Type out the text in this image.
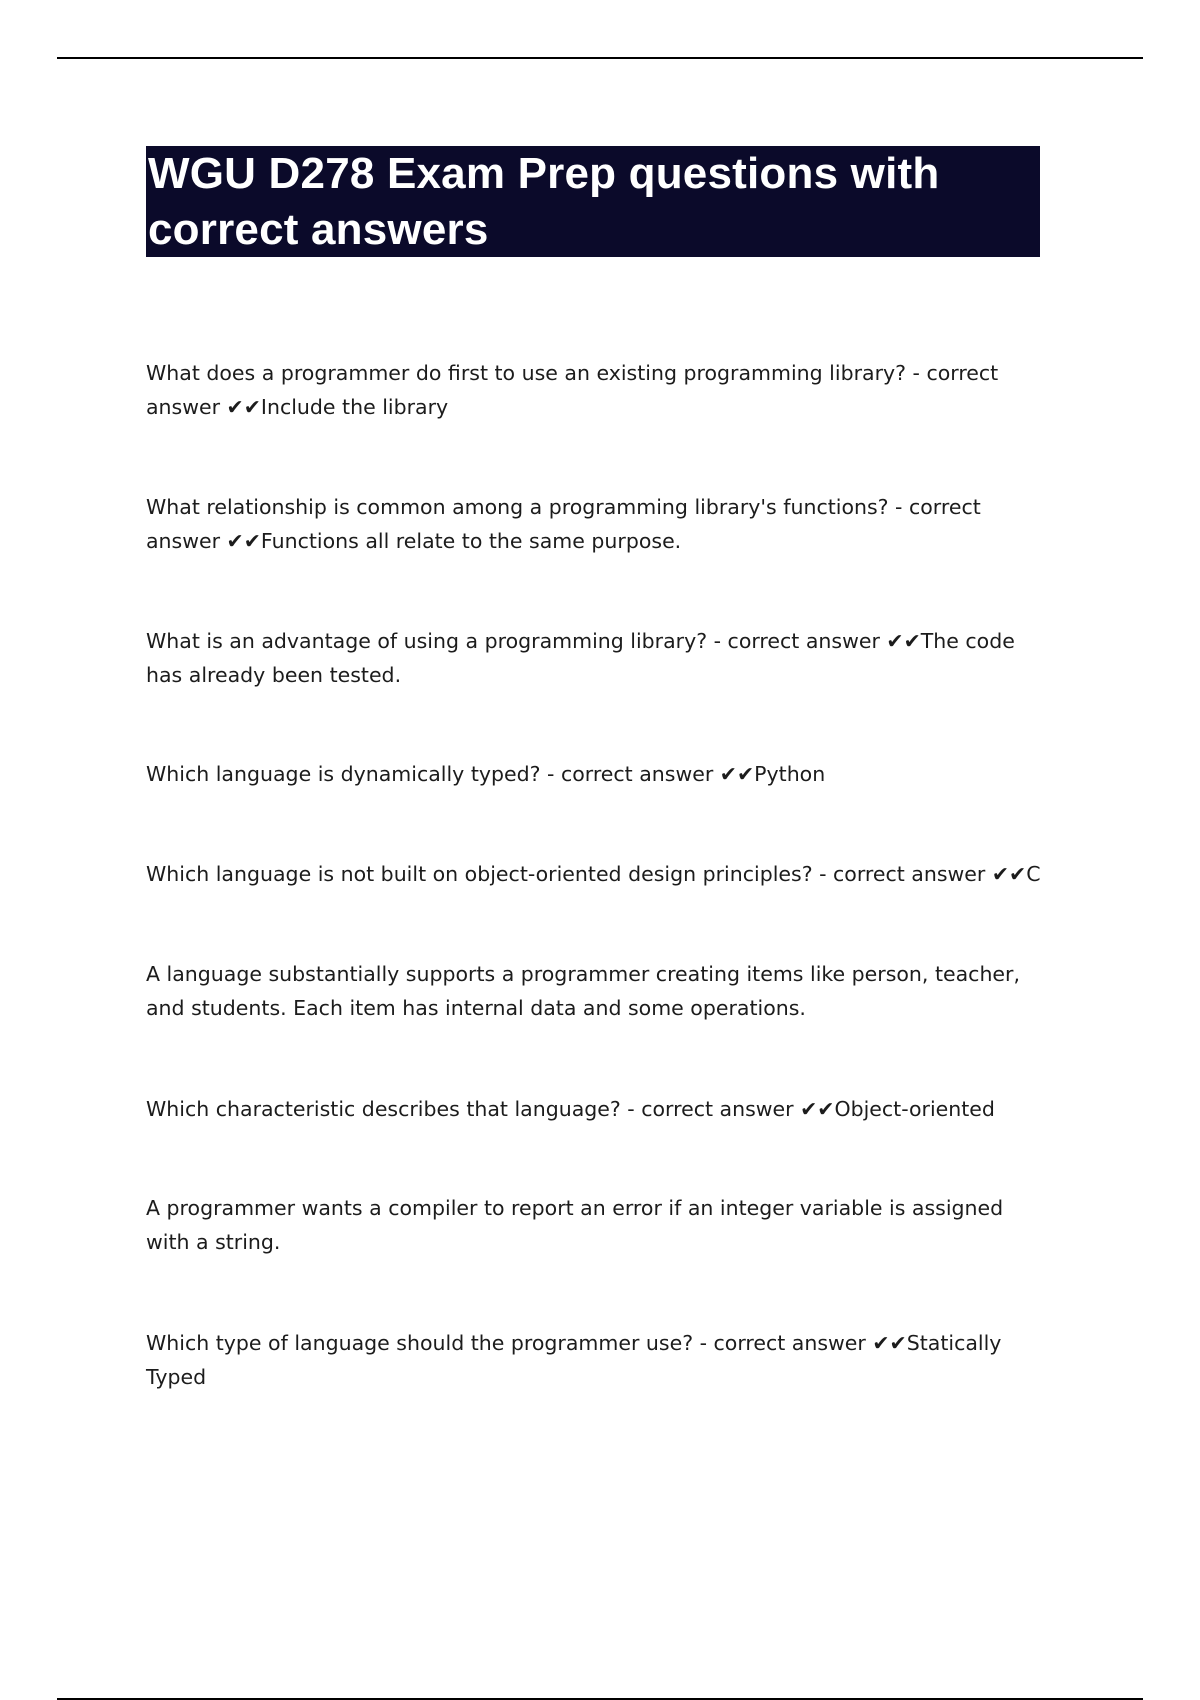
WGU D278 Exam Prep questions with correct answers

What does a programmer do first to use an existing programming library? - correct answer ✔✔Include the library

What relationship is common among a programming library's functions? - correct answer ✔✔Functions all relate to the same purpose.

What is an advantage of using a programming library? - correct answer ✔✔The code has already been tested.

Which language is dynamically typed? - correct answer ✔✔Python

Which language is not built on object-oriented design principles? - correct answer ✔✔C

A language substantially supports a programmer creating items like person, teacher, and students. Each item has internal data and some operations.

Which characteristic describes that language? - correct answer ✔✔Object-oriented

A programmer wants a compiler to report an error if an integer variable is assigned with a string.

Which type of language should the programmer use? - correct answer ✔✔Statically Typed
